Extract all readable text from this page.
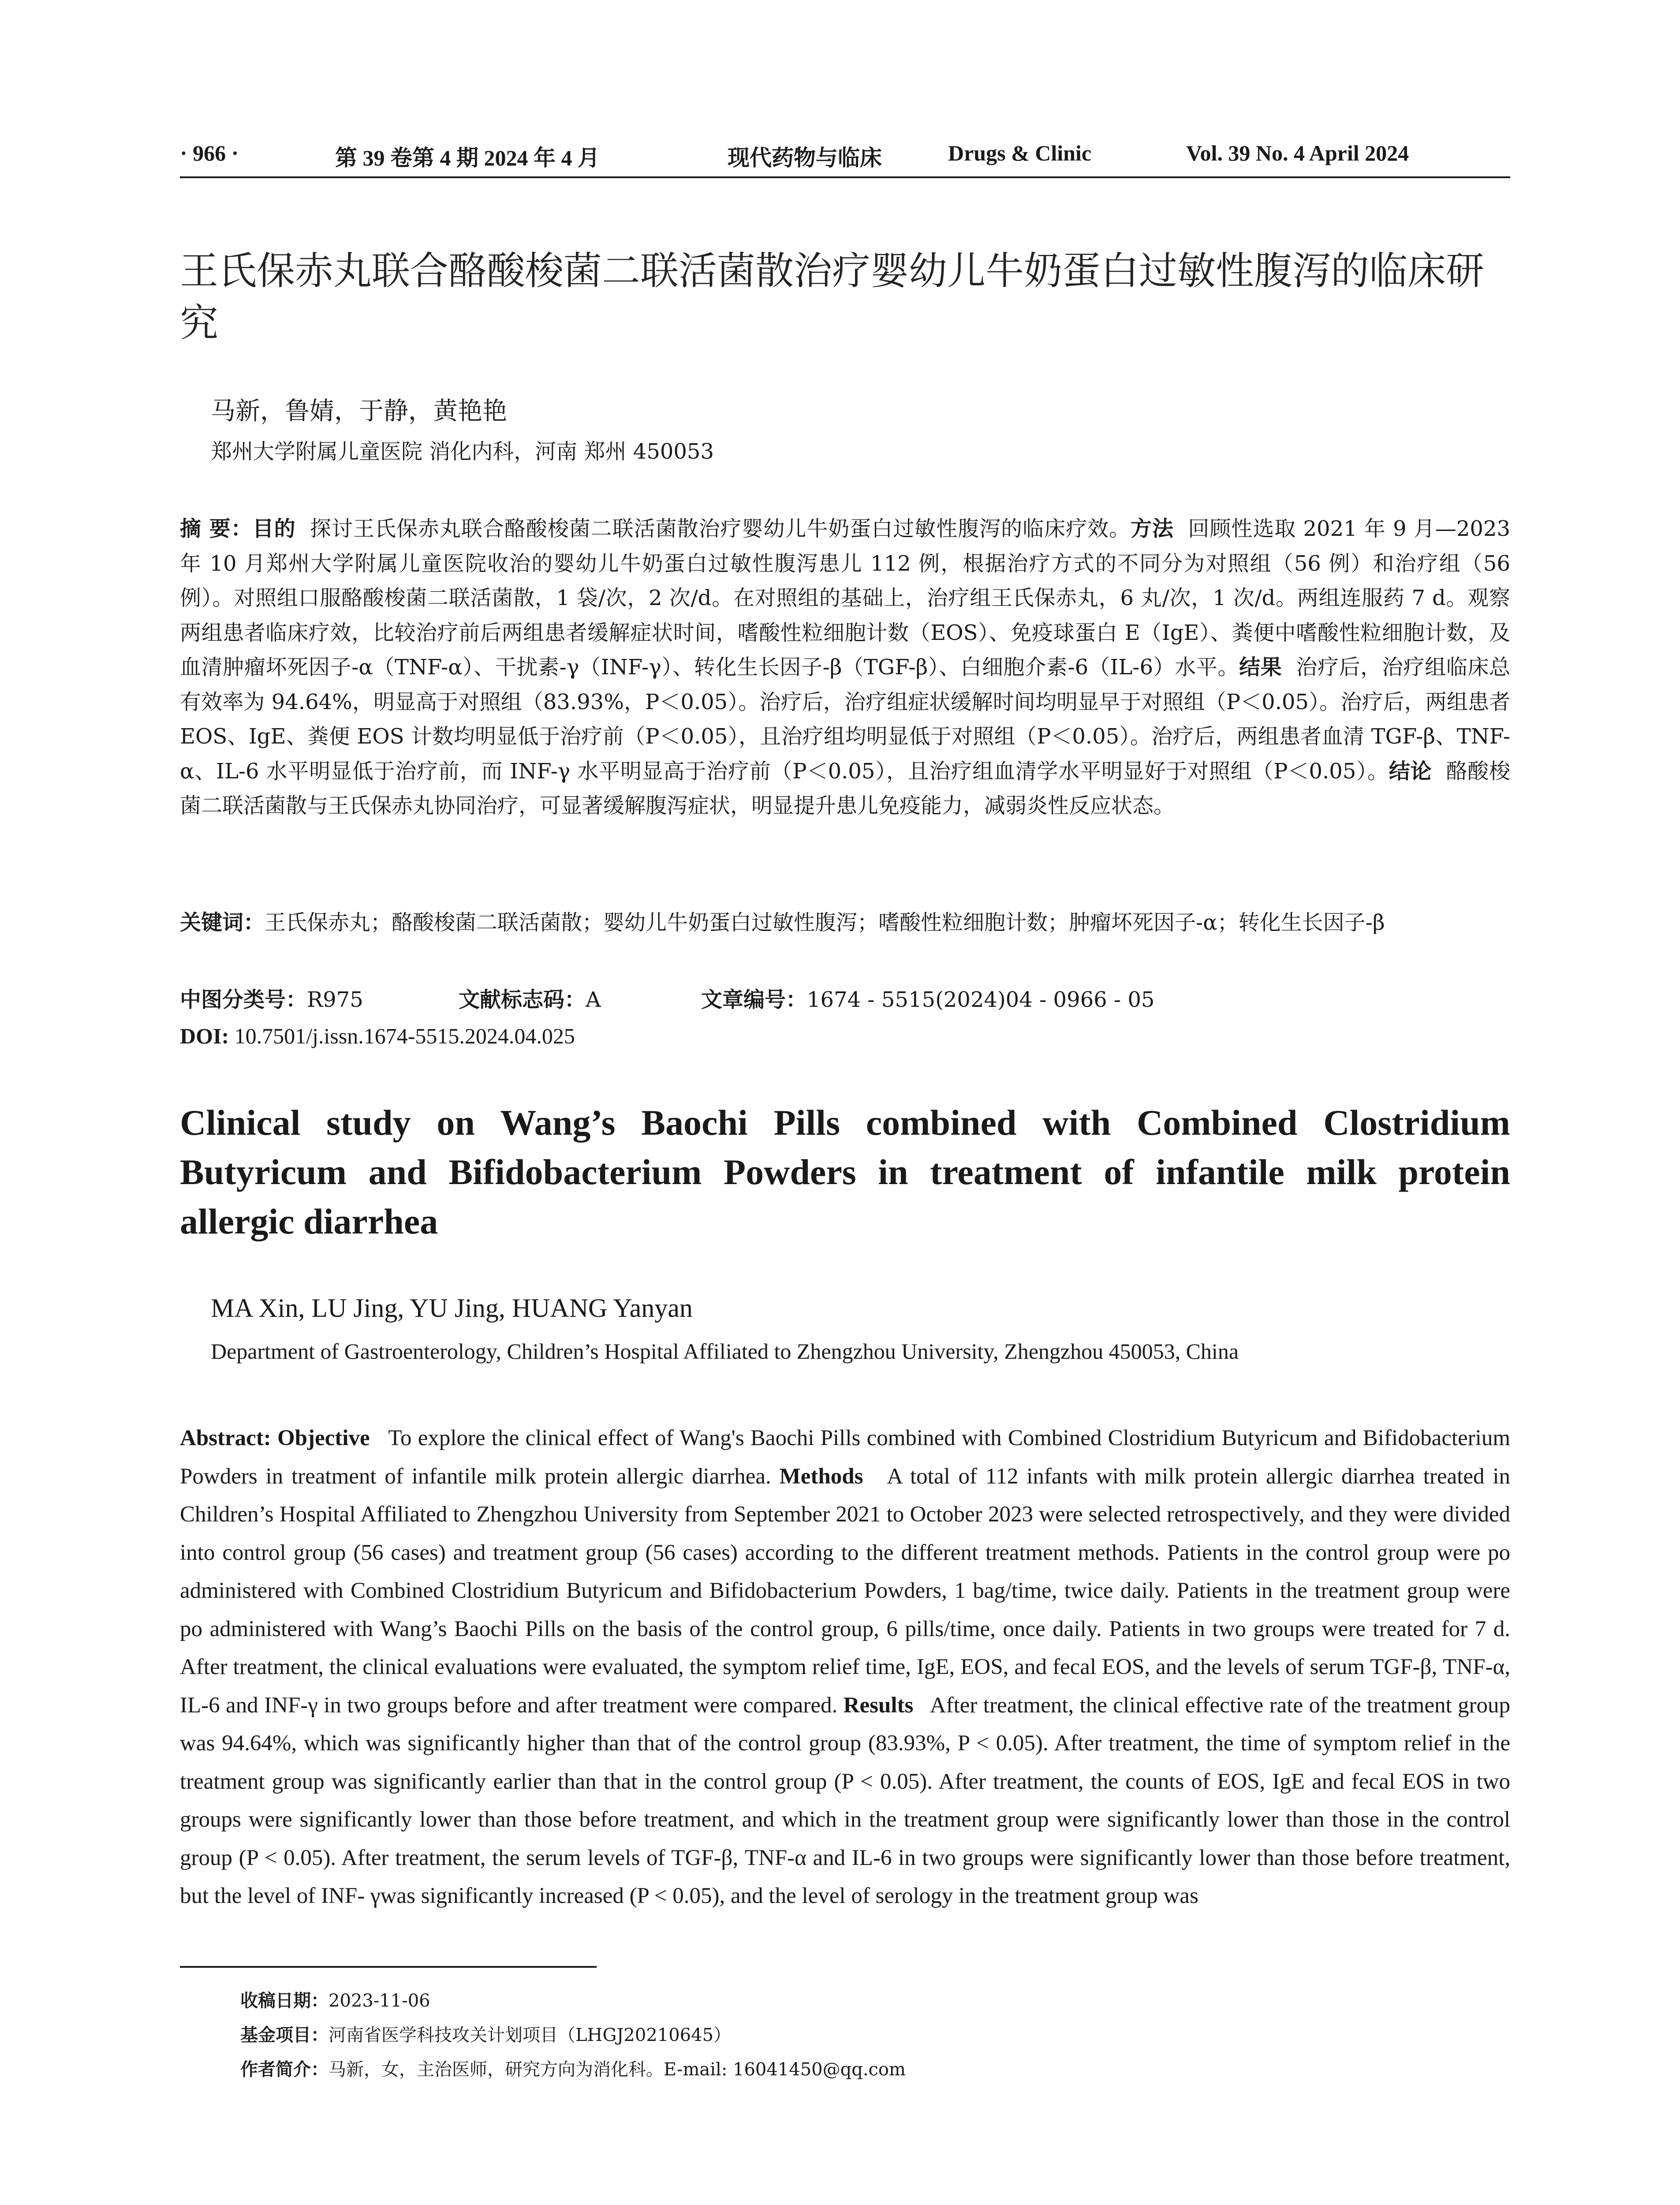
· 966 ·	第 39 卷第 4 期 2024 年 4 月	现代药物与临床	Drugs & Clinic	Vol. 39 No. 4 April 2024
王氏保赤丸联合酪酸梭菌二联活菌散治疗婴幼儿牛奶蛋白过敏性腹泻的临床研究
马新，鲁婧，于静，黄艳艳
郑州大学附属儿童医院 消化内科，河南 郑州 450053
摘 要：目的 探讨王氏保赤丸联合酪酸梭菌二联活菌散治疗婴幼儿牛奶蛋白过敏性腹泻的临床疗效。方法 回顾性选取 2021 年 9 月—2023 年 10 月郑州大学附属儿童医院收治的婴幼儿牛奶蛋白过敏性腹泻患儿 112 例，根据治疗方式的不同分为对照组（56 例）和治疗组（56 例）。对照组口服酪酸梭菌二联活菌散，1 袋/次，2 次/d。在对照组的基础上，治疗组王氏保赤丸，6 丸/次，1 次/d。两组连服药 7 d。观察两组患者临床疗效，比较治疗前后两组患者缓解症状时间，嗜酸性粒细胞计数（EOS）、免疫球蛋白 E（IgE）、粪便中嗜酸性粒细胞计数，及血清肿瘤坏死因子-α（TNF-α）、干扰素-γ（INF-γ）、转化生长因子-β（TGF-β）、白细胞介素-6（IL-6）水平。结果 治疗后，治疗组临床总有效率为 94.64%，明显高于对照组（83.93%，P＜0.05）。治疗后，治疗组症状缓解时间均明显早于对照组（P＜0.05）。治疗后，两组患者 EOS、IgE、粪便 EOS 计数均明显低于治疗前（P＜0.05），且治疗组均明显低于对照组（P＜0.05）。治疗后，两组患者血清 TGF-β、TNF-α、IL-6 水平明显低于治疗前，而 INF-γ 水平明显高于治疗前（P＜0.05），且治疗组血清学水平明显好于对照组（P＜0.05）。结论 酪酸梭菌二联活菌散与王氏保赤丸协同治疗，可显著缓解腹泻症状，明显提升患儿免疫能力，减弱炎性反应状态。
关键词：王氏保赤丸；酪酸梭菌二联活菌散；婴幼儿牛奶蛋白过敏性腹泻；嗜酸性粒细胞计数；肿瘤坏死因子-α；转化生长因子-β
中图分类号：R975	文献标志码：A	文章编号：1674 - 5515(2024)04 - 0966 - 05
DOI: 10.7501/j.issn.1674-5515.2024.04.025
Clinical study on Wang’s Baochi Pills combined with Combined Clostridium Butyricum and Bifidobacterium Powders in treatment of infantile milk protein allergic diarrhea
MA Xin, LU Jing, YU Jing, HUANG Yanyan
Department of Gastroenterology, Children’s Hospital Affiliated to Zhengzhou University, Zhengzhou 450053, China
Abstract: Objective To explore the clinical effect of Wang's Baochi Pills combined with Combined Clostridium Butyricum and Bifidobacterium Powders in treatment of infantile milk protein allergic diarrhea. Methods A total of 112 infants with milk protein allergic diarrhea treated in Children’s Hospital Affiliated to Zhengzhou University from September 2021 to October 2023 were selected retrospectively, and they were divided into control group (56 cases) and treatment group (56 cases) according to the different treatment methods. Patients in the control group were po administered with Combined Clostridium Butyricum and Bifidobacterium Powders, 1 bag/time, twice daily. Patients in the treatment group were po administered with Wang’s Baochi Pills on the basis of the control group, 6 pills/time, once daily. Patients in two groups were treated for 7 d. After treatment, the clinical evaluations were evaluated, the symptom relief time, IgE, EOS, and fecal EOS, and the levels of serum TGF-β, TNF-α, IL-6 and INF-γ in two groups before and after treatment were compared. Results After treatment, the clinical effective rate of the treatment group was 94.64%, which was significantly higher than that of the control group (83.93%, P < 0.05). After treatment, the time of symptom relief in the treatment group was significantly earlier than that in the control group (P < 0.05). After treatment, the counts of EOS, IgE and fecal EOS in two groups were significantly lower than those before treatment, and which in the treatment group were significantly lower than those in the control group (P < 0.05). After treatment, the serum levels of TGF-β, TNF-α and IL-6 in two groups were significantly lower than those before treatment, but the level of INF- γwas significantly increased (P < 0.05), and the level of serology in the treatment group was
收稿日期：2023-11-06
基金项目：河南省医学科技攻关计划项目（LHGJ20210645）
作者简介：马新，女，主治医师，研究方向为消化科。E-mail: 16041450@qq.com
